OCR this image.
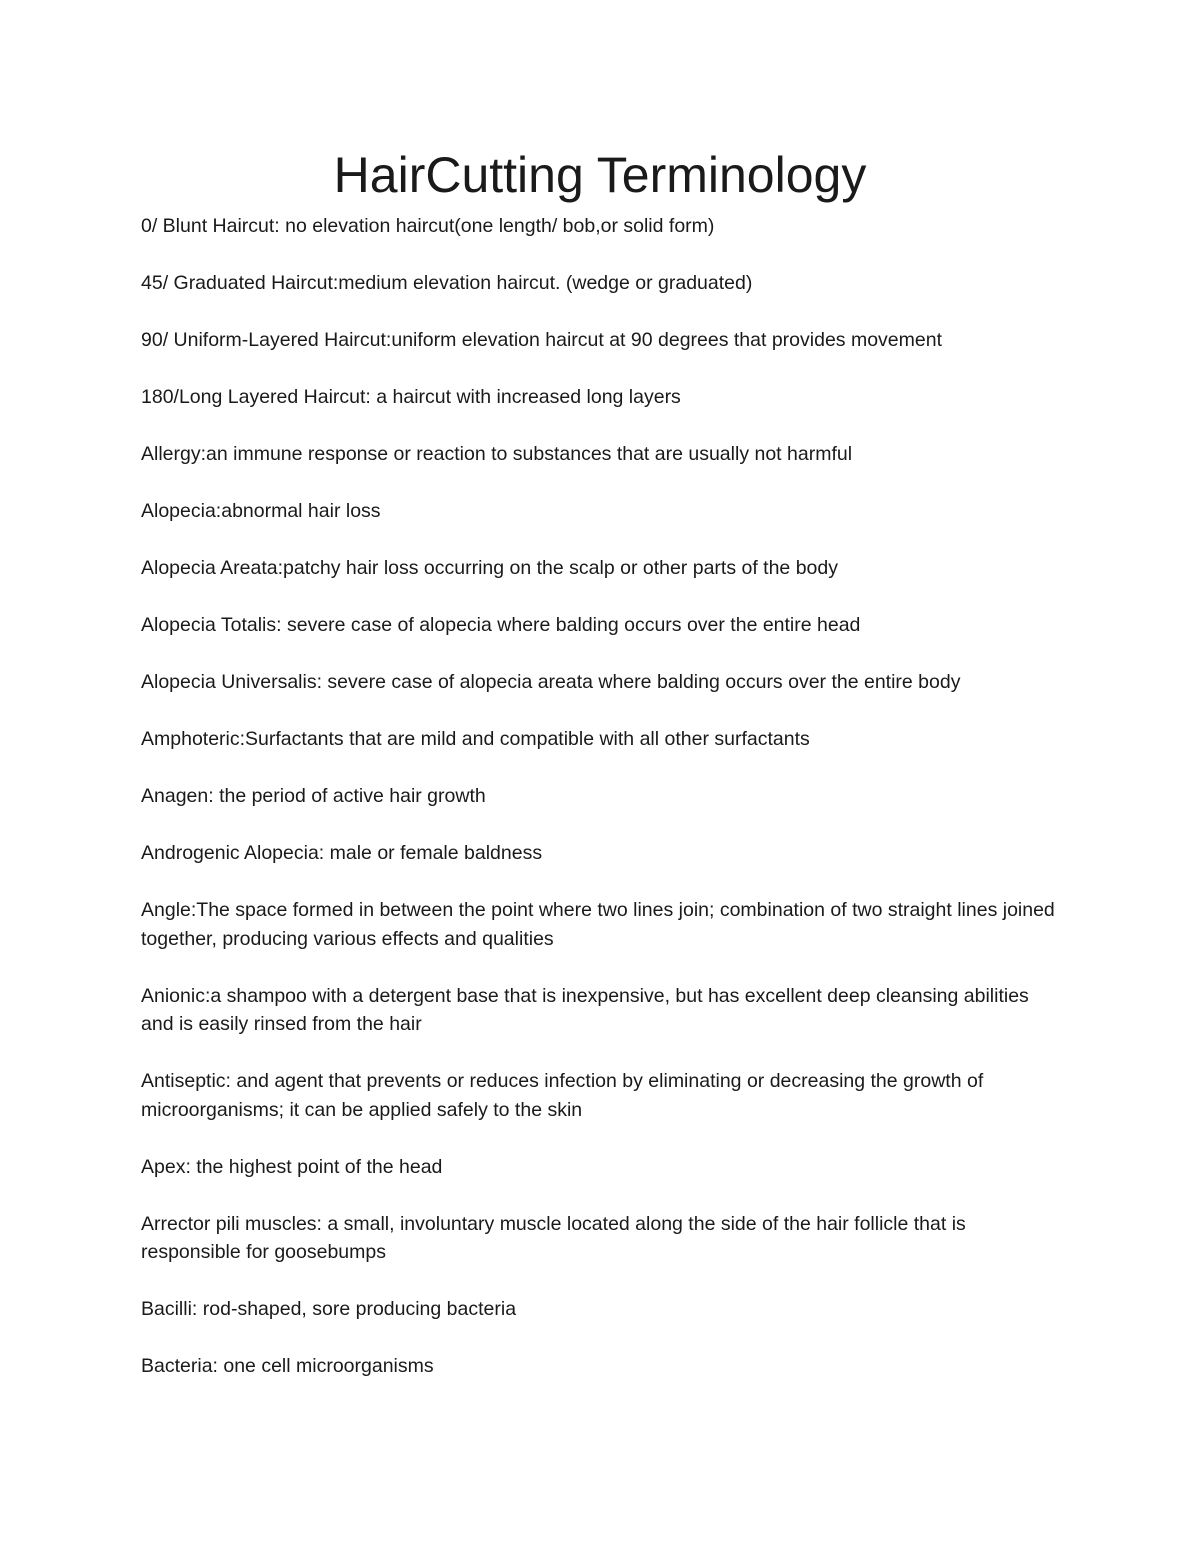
HairCutting Terminology
0/ Blunt Haircut: no elevation haircut(one length/ bob,or solid form)
45/ Graduated Haircut:medium elevation haircut. (wedge or graduated)
90/ Uniform-Layered Haircut:uniform elevation haircut at 90 degrees that provides movement
180/Long Layered Haircut: a haircut with increased long layers
Allergy:an immune response or reaction to substances that are usually not harmful
Alopecia:abnormal hair loss
Alopecia Areata:patchy hair loss occurring on the scalp or other parts of the body
Alopecia Totalis: severe case of alopecia where balding occurs over the entire head
Alopecia Universalis: severe case of alopecia areata where balding occurs over the entire body
Amphoteric:Surfactants that are mild and compatible with all other surfactants
Anagen: the period of active hair growth
Androgenic Alopecia: male or female baldness
Angle:The space formed in between the point where two lines join; combination of two straight lines joined together, producing various effects and qualities
Anionic:a shampoo with a detergent base that is inexpensive, but has excellent deep cleansing abilities and is easily rinsed from the hair
Antiseptic: and agent that prevents or reduces infection by eliminating or decreasing the growth of microorganisms; it can be applied safely to the skin
Apex: the highest point of the head
Arrector pili muscles: a small, involuntary muscle located along the side of the hair follicle that is responsible for goosebumps
Bacilli: rod-shaped, sore producing bacteria
Bacteria: one cell microorganisms
